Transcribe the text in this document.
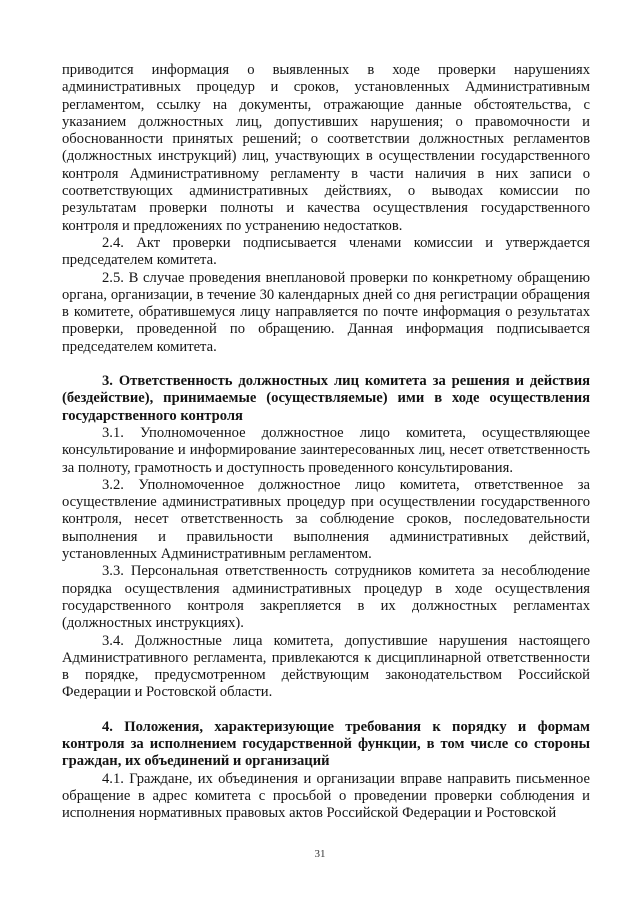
приводится информация о выявленных в ходе проверки нарушениях административных процедур и сроков, установленных Административным регламентом, ссылку на документы, отражающие данные обстоятельства, с указанием должностных лиц, допустивших нарушения; о правомочности и обоснованности принятых решений; о соответствии должностных регламентов (должностных инструкций) лиц, участвующих в осуществлении государственного контроля Административному регламенту в части наличия в них записи о соответствующих административных действиях, о выводах комиссии по результатам проверки полноты и качества осуществления государственного контроля и предложениях по устранению недостатков.

2.4. Акт проверки подписывается членами комиссии и утверждается председателем комитета.

2.5. В случае проведения внеплановой проверки по конкретному обращению органа, организации, в течение 30 календарных дней со дня регистрации обращения в комитете, обратившемуся лицу направляется по почте информация о результатах проверки, проведенной по обращению. Данная информация подписывается председателем комитета.

3. Ответственность должностных лиц комитета за решения и действия (бездействие), принимаемые (осуществляемые) ими в ходе осуществления государственного контроля

3.1. Уполномоченное должностное лицо комитета, осуществляющее консультирование и информирование заинтересованных лиц, несет ответственность за полноту, грамотность и доступность проведенного консультирования.

3.2. Уполномоченное должностное лицо комитета, ответственное за осуществление административных процедур при осуществлении государственного контроля, несет ответственность за соблюдение сроков, последовательности выполнения и правильности выполнения административных действий, установленных Административным регламентом.

3.3. Персональная ответственность сотрудников комитета за несоблюдение порядка осуществления административных процедур в ходе осуществления государственного контроля закрепляется в их должностных регламентах (должностных инструкциях).

3.4. Должностные лица комитета, допустившие нарушения настоящего Административного регламента, привлекаются к дисциплинарной ответственности в порядке, предусмотренном действующим законодательством Российской Федерации и Ростовской области.

4. Положения, характеризующие требования к порядку и формам контроля за исполнением государственной функции, в том числе со стороны граждан, их объединений и организаций

4.1. Граждане, их объединения и организации вправе направить письменное обращение в адрес комитета с просьбой о проведении проверки соблюдения и исполнения нормативных правовых актов Российской Федерации и Ростовской

31
